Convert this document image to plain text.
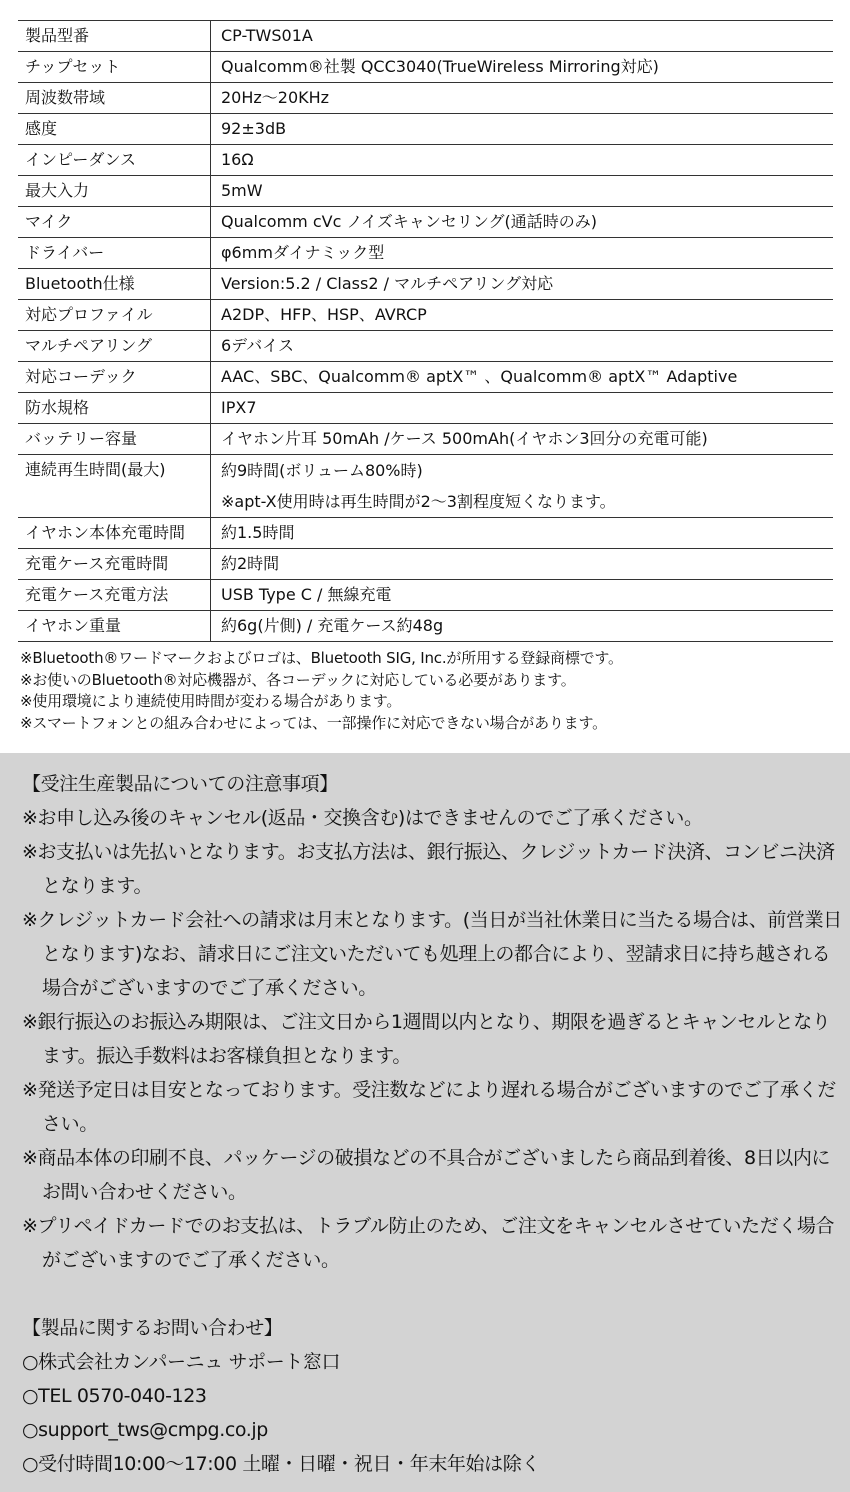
製品型番	CP-TWS01A
チップセット	Qualcomm®社製 QCC3040(TrueWireless Mirroring対応)
周波数帯域	20Hz〜20KHz
感度	92±3dB
インピーダンス	16Ω
最大入力	5mW
マイク	Qualcomm cVc ノイズキャンセリング(通話時のみ)
ドライバー	φ6mmダイナミック型
Bluetooth仕様	Version:5.2 / Class2 / マルチペアリング対応
対応プロファイル	A2DP、HFP、HSP、AVRCP
マルチペアリング	6デバイス
対応コーデック	AAC、SBC、Qualcomm® aptX™ 、Qualcomm® aptX™ Adaptive
防水規格	IPX7
バッテリー容量	イヤホン片耳 50mAh /ケース 500mAh(イヤホン3回分の充電可能)
連続再生時間(最大)	約9時間(ボリューム80%時)
※apt-X使用時は再生時間が2〜3割程度短くなります。

イヤホン本体充電時間	約1.5時間
充電ケース充電時間	約2時間
充電ケース充電方法	USB Type C / 無線充電
イヤホン重量	約6g(片側) / 充電ケース約48g

※Bluetooth®ワードマークおよびロゴは、Bluetooth SIG, Inc.が所用する登録商標です。

※お使いのBluetooth®対応機器が、各コーデックに対応している必要があります。

※使用環境により連続使用時間が変わる場合があります。

※スマートフォンとの組み合わせによっては、一部操作に対応できない場合があります。

【受注生産製品についての注意事項】

※お申し込み後のキャンセル(返品・交換含む)はできませんのでご了承ください。

※お支払いは先払いとなります。お支払方法は、銀行振込、クレジットカード決済、コンビニ決済となります。

※クレジットカード会社への請求は月末となります。(当日が当社休業日に当たる場合は、前営業日となります)なお、請求日にご注文いただいても処理上の都合により、翌請求日に持ち越される場合がございますのでご了承ください。

※銀行振込のお振込み期限は、ご注文日から1週間以内となり、期限を過ぎるとキャンセルとなります。振込手数料はお客様負担となります。

※発送予定日は目安となっております。受注数などにより遅れる場合がございますのでご了承ください。

※商品本体の印刷不良、パッケージの破損などの不具合がございましたら商品到着後、8日以内にお問い合わせください。

※プリペイドカードでのお支払は、トラブル防止のため、ご注文をキャンセルさせていただく場合がございますのでご了承ください。

【製品に関するお問い合わせ】

○株式会社カンパーニュ サポート窓口

○TEL 0570-040-123

○support_tws@cmpg.co.jp

○受付時間10:00〜17:00 土曜・日曜・祝日・年末年始は除く
